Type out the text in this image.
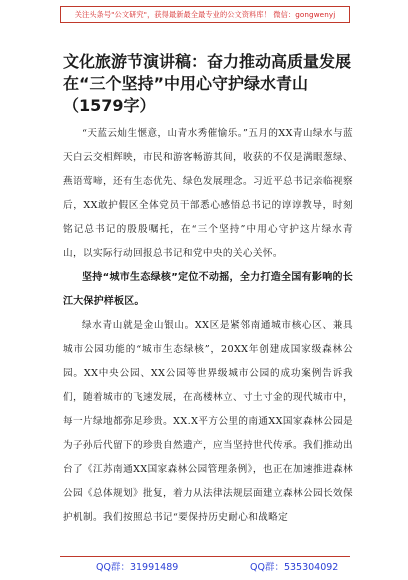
关注头条号"公文研究"，获得最新最全最专业的公文资料库！ 微信：gongwenyj
文化旅游节演讲稿：奋力推动高质量发展
在“三个坚持”中用心守护绿水青山
（1579字）

“天蓝云灿生惬意，山青水秀催愉乐。”五月的XX青山绿水与蓝天白云交相辉映，市民和游客畅游其间，收获的不仅是满眼葱绿、燕语莺啼，还有生态优先、绿色发展理念。习近平总书记亲临视察后，XX敢护假区全体党员干部悉心感悟总书记的谆谆教导，时刻铭记总书记的殷殷嘱托，在“三个坚持”中用心守护这片绿水青山，以实际行动回报总书记和党中央的关心关怀。

坚持“城市生态绿核”定位不动摇，全力打造全国有影响的长江大保护样板区。

绿水青山就是金山银山。XX区是紧邻南通城市核心区、兼具城市公园功能的“城市生态绿核”，20XX年创建成国家级森林公园。XX中央公园、XX公园等世界级城市公园的成功案例告诉我们，随着城市的飞速发展，在高楼林立、寸土寸金的现代城市中，每一片绿地都弥足珍贵。XX.X平方公里的南通XX国家森林公园是为子孙后代留下的珍贵自然遗产，应当坚持世代传承。我们推动出台了《江苏南通XX国家森林公园管理条例》，也正在加速推进森林公园《总体规划》批复，着力从法律法规层面建立森林公园长效保护机制。我们按照总书记“要保持历史耐心和战略定

QQ群：31991489	QQ群：535304092
